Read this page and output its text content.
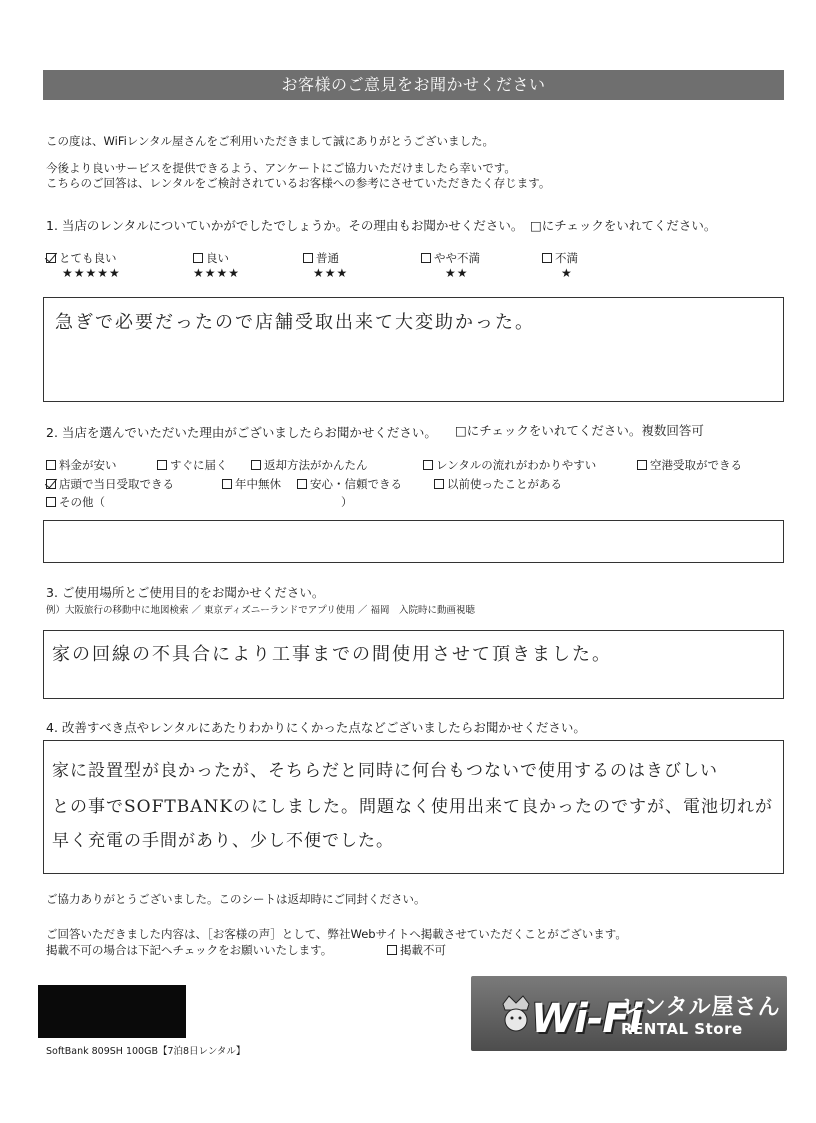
お客様のご意見をお聞かせください
この度は、WiFiレンタル屋さんをご利用いただきまして誠にありがとうございました。
今後より良いサービスを提供できるよう、アンケートにご協力いただけましたら幸いです。
こちらのご回答は、レンタルをご検討されているお客様への参考にさせていただきたく存じます。
1. 当店のレンタルについていかがでしたでしょうか。その理由もお聞かせください。 □にチェックをいれてください。
とても良い
★★★★★
良い
★★★★
普通
★★★
やや不満
★★
不満
★
急ぎで必要だったので店舗受取出来て大変助かった。
2. 当店を選んでいただいた理由がございましたらお聞かせください。 □にチェックをいれてください。複数回答可
料金が安い	すぐに届く	返却方法がかんたん	レンタルの流れがわかりやすい	空港受取ができる
店頭で当日受取できる	年中無休	安心・信頼できる	以前使ったことがある
その他（	）
3. ご使用場所とご使用目的をお聞かせください。
例）大阪旅行の移動中に地図検索 ／ 東京ディズニーランドでアプリ使用 ／ 福岡　入院時に動画視聴
家の回線の不具合により工事までの間使用させて頂きました。
4. 改善すべき点やレンタルにあたりわかりにくかった点などございましたらお聞かせください。
家に設置型が良かったが、そちらだと同時に何台もつないで使用するのはきびしい
との事でSOFTBANKのにしました。問題なく使用出来て良かったのですが、電池切れが
早く充電の手間があり、少し不便でした。
ご協力ありがとうございました。このシートは返却時にご同封ください。
ご回答いただきました内容は、［お客様の声］として、弊社Webサイトへ掲載させていただくことがございます。
掲載不可の場合は下記へチェックをお願いいたします。	掲載不可
SoftBank 809SH 100GB【7泊8日レンタル】
Wi-Fi
レンタル屋さん
RENTAL Store
